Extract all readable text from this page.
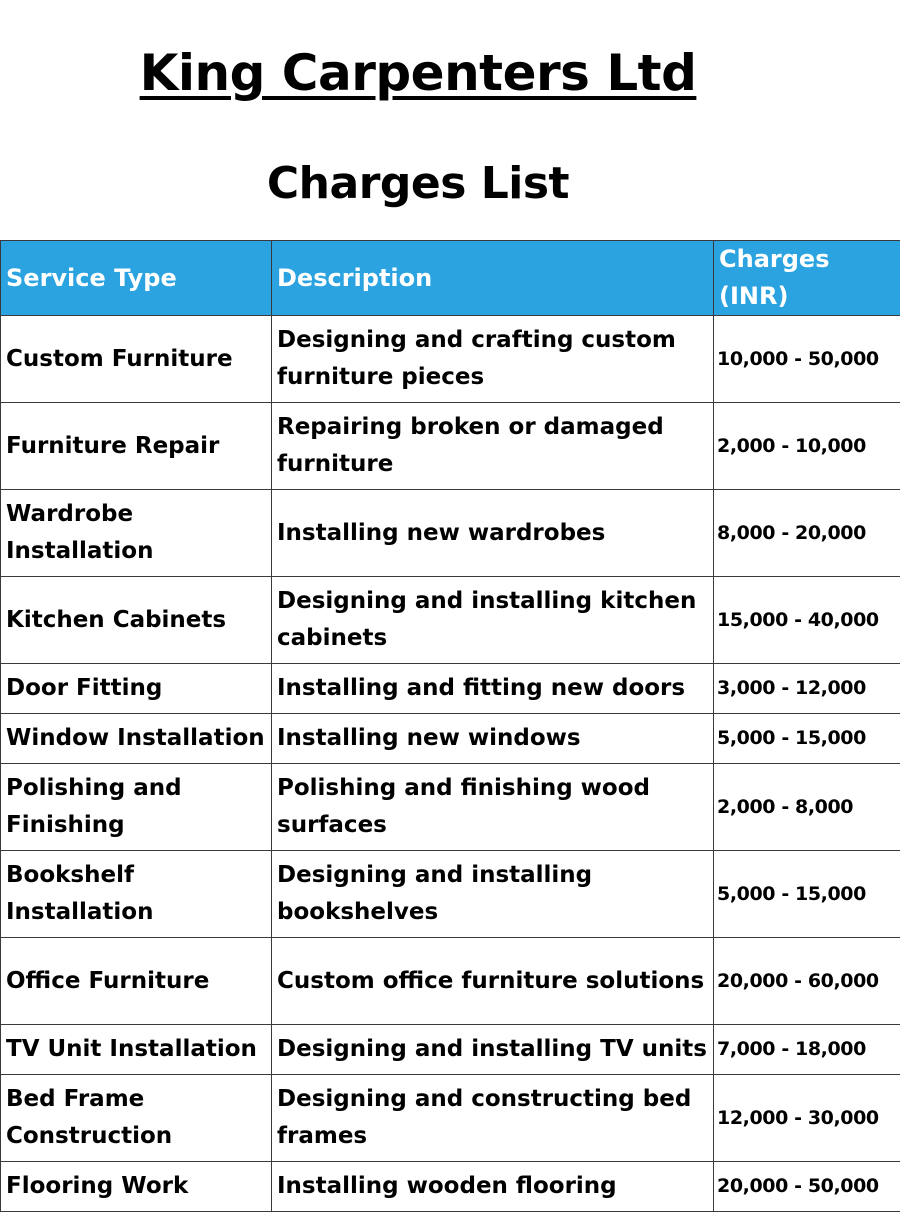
King Carpenters Ltd
Charges List
Service Type	Description	Charges (INR)
Custom Furniture	Designing and crafting custom furniture pieces	10,000 - 50,000
Furniture Repair	Repairing broken or damaged furniture	2,000 - 10,000
Wardrobe Installation	Installing new wardrobes	8,000 - 20,000
Kitchen Cabinets	Designing and installing kitchen cabinets	15,000 - 40,000
Door Fitting	Installing and fitting new doors	3,000 - 12,000
Window Installation	Installing new windows	5,000 - 15,000
Polishing and Finishing	Polishing and finishing wood surfaces	2,000 - 8,000
Bookshelf Installation	Designing and installing bookshelves	5,000 - 15,000
Office Furniture	Custom office furniture solutions	20,000 - 60,000
TV Unit Installation	Designing and installing TV units	7,000 - 18,000
Bed Frame Construction	Designing and constructing bed frames	12,000 - 30,000
Flooring Work	Installing wooden flooring	20,000 - 50,000
